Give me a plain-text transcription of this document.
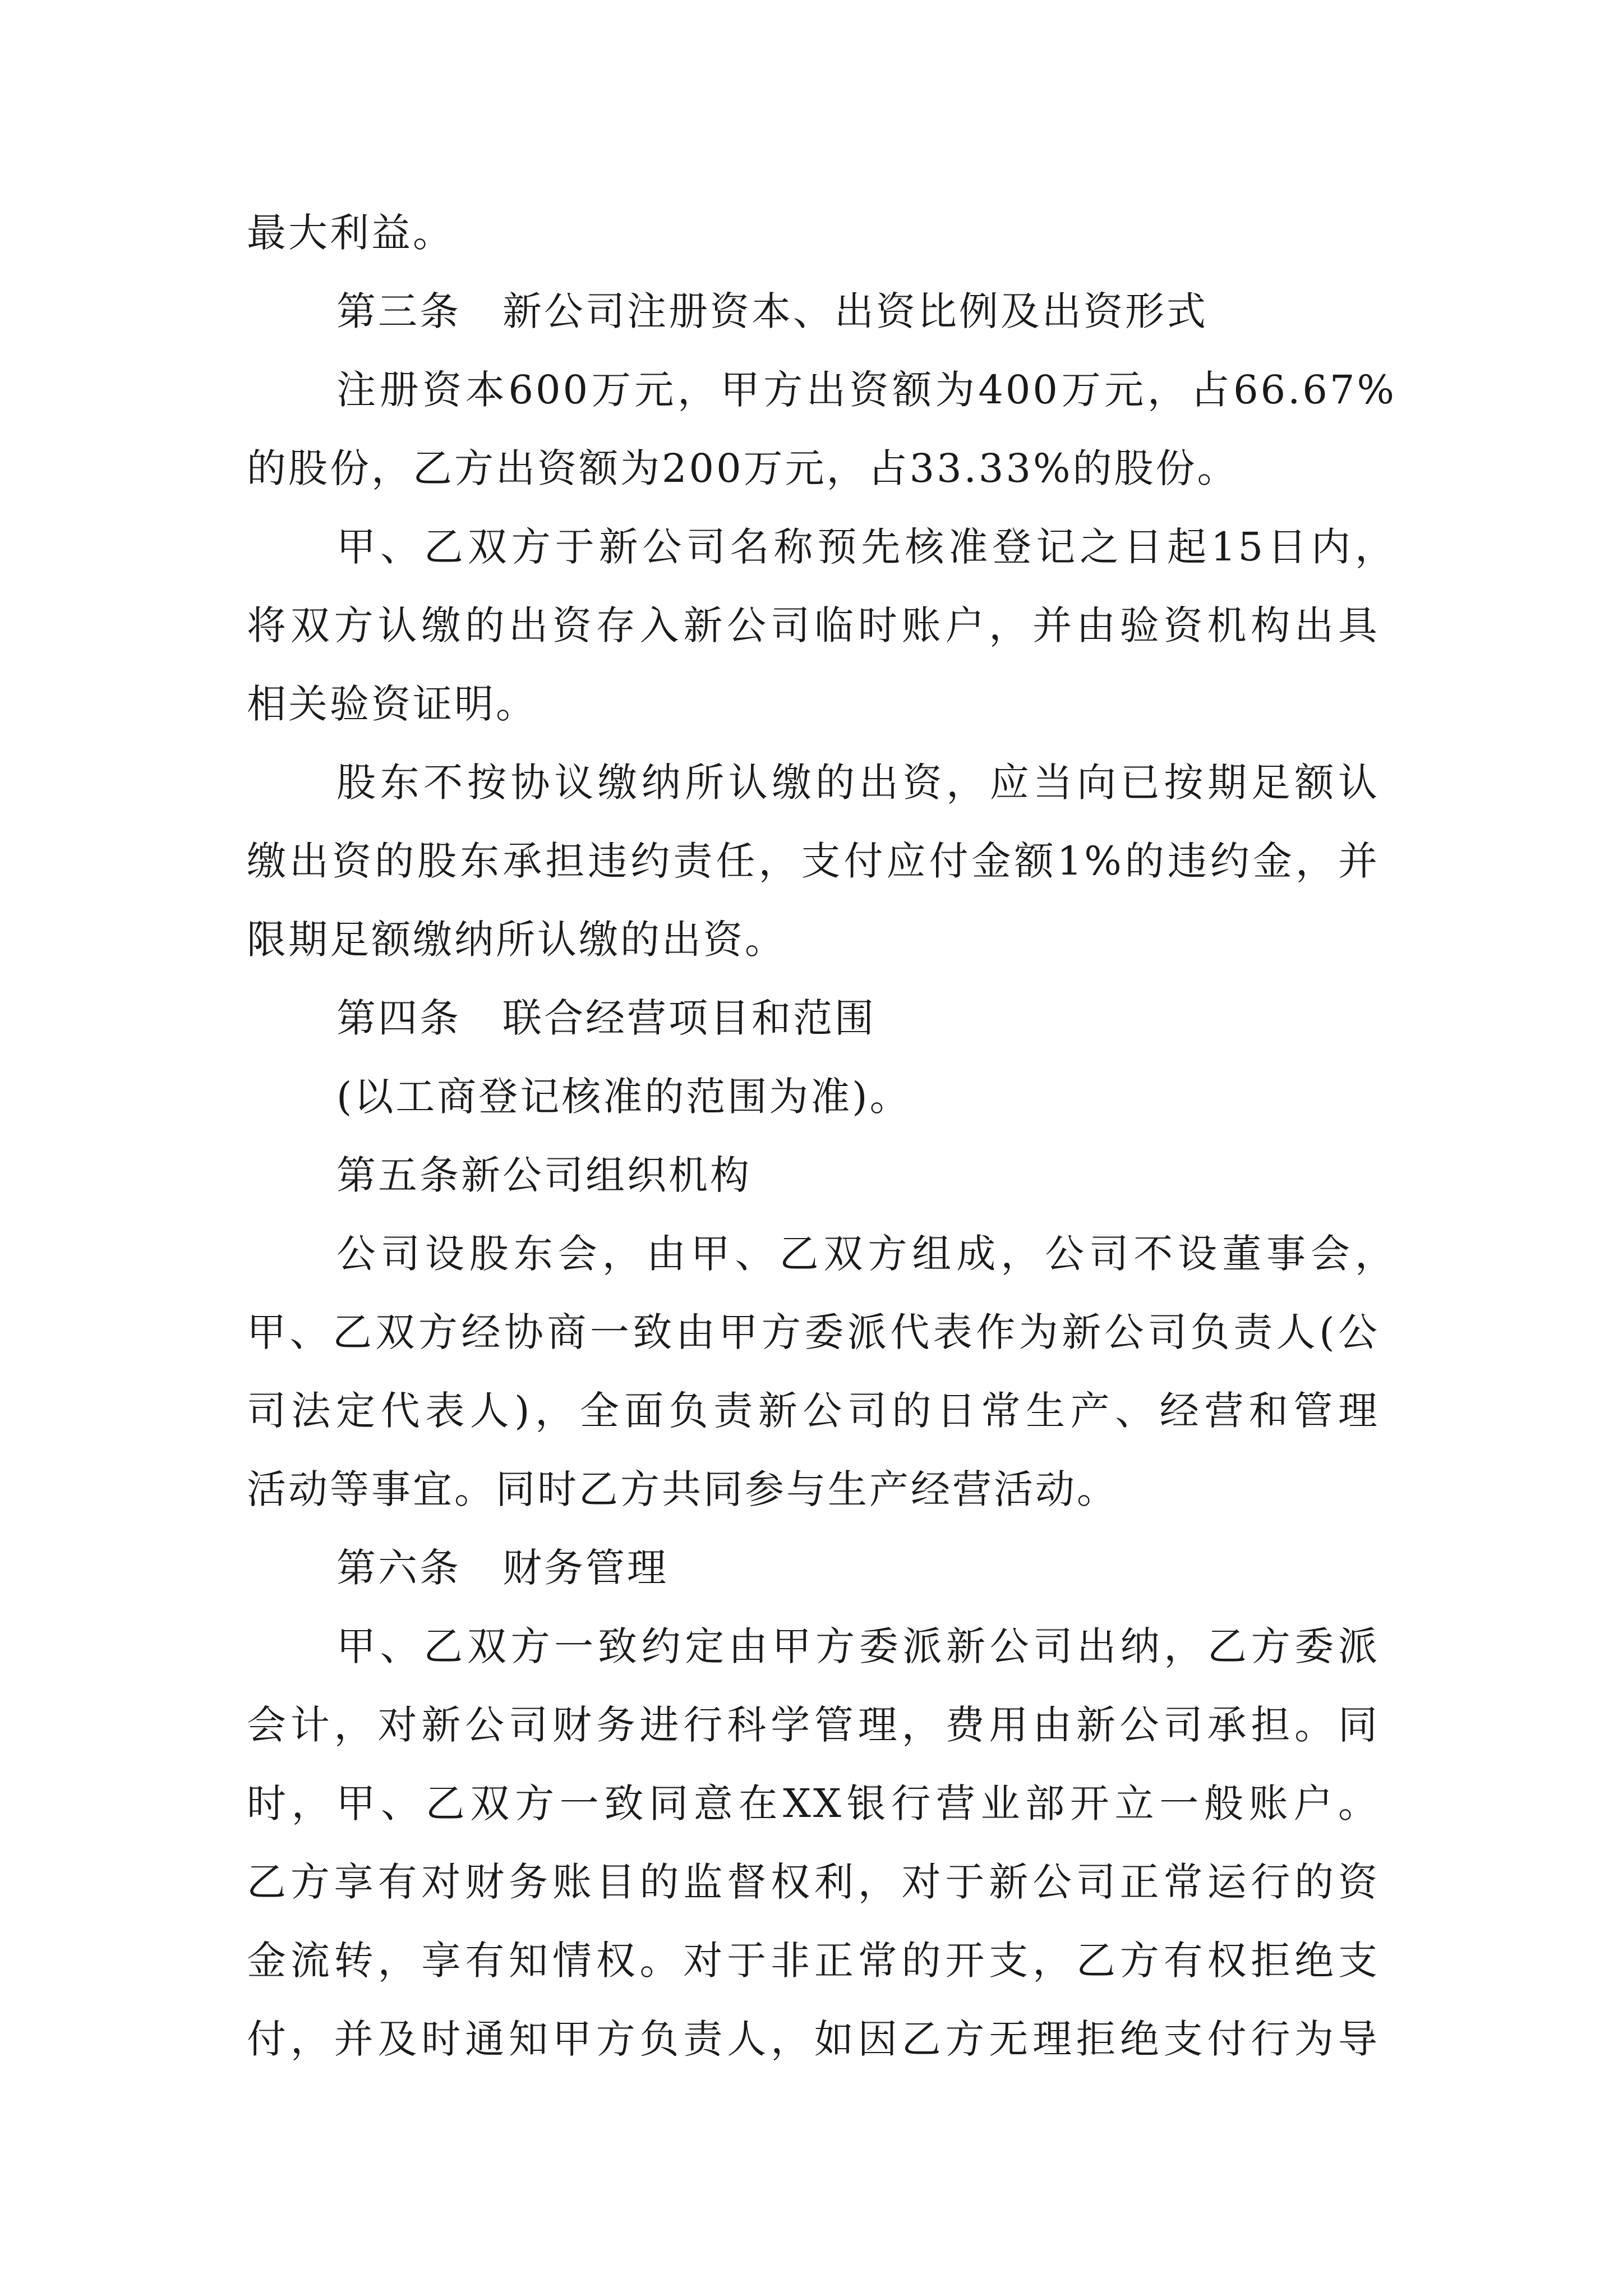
最大利益。

第三条　新公司注册资本、出资比例及出资形式

注册资本600万元，甲方出资额为400万元，占66.67%

的股份，乙方出资额为200万元，占33.33%的股份。

甲、乙双方于新公司名称预先核准登记之日起15日内，

将双方认缴的出资存入新公司临时账户，并由验资机构出具

相关验资证明。

股东不按协议缴纳所认缴的出资，应当向已按期足额认

缴出资的股东承担违约责任，支付应付金额1%的违约金，并

限期足额缴纳所认缴的出资。

第四条　联合经营项目和范围

(以工商登记核准的范围为准)。

第五条新公司组织机构

公司设股东会，由甲、乙双方组成，公司不设董事会，

甲、乙双方经协商一致由甲方委派代表作为新公司负责人(公

司法定代表人)，全面负责新公司的日常生产、经营和管理

活动等事宜。同时乙方共同参与生产经营活动。

第六条　财务管理

甲、乙双方一致约定由甲方委派新公司出纳，乙方委派

会计，对新公司财务进行科学管理，费用由新公司承担。同

时，甲、乙双方一致同意在XX银行营业部开立一般账户。

乙方享有对财务账目的监督权利，对于新公司正常运行的资

金流转，享有知情权。对于非正常的开支，乙方有权拒绝支

付，并及时通知甲方负责人，如因乙方无理拒绝支付行为导
